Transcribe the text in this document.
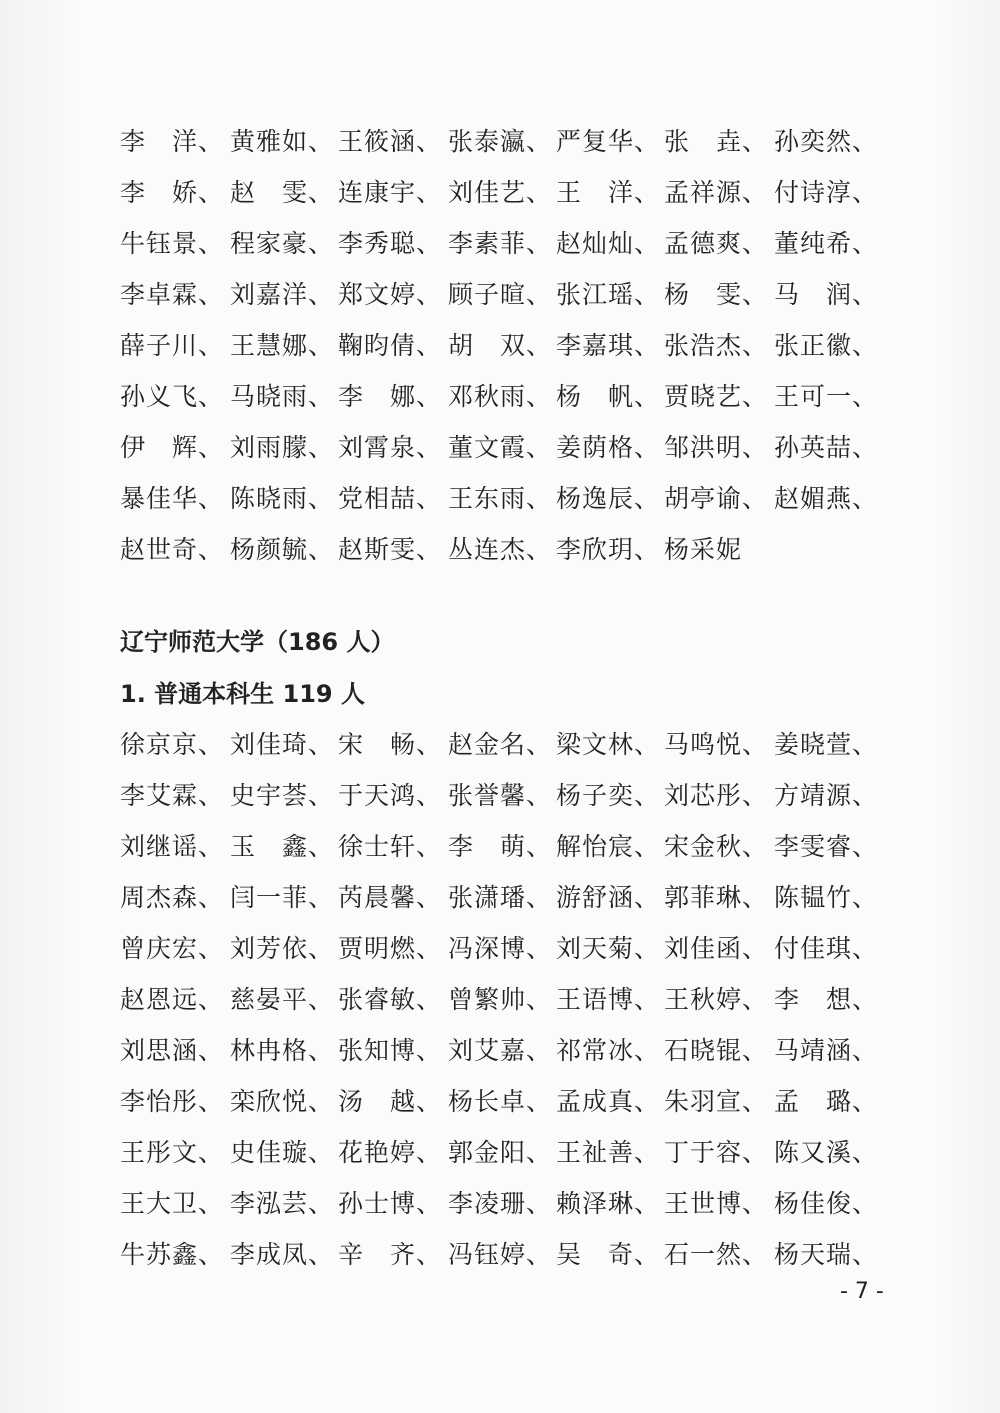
李　洋、 黄雅如、 王筱涵、 张泰瀛、 严复华、 张　垚、 孙奕然、
李　娇、 赵　雯、 连康宇、 刘佳艺、 王　洋、 孟祥源、 付诗淳、
牛钰景、 程家豪、 李秀聪、 李素菲、 赵灿灿、 孟德爽、 董纯希、
李卓霖、 刘嘉洋、 郑文婷、 顾子暄、 张江瑶、 杨　雯、 马　润、
薛子川、 王慧娜、 鞠昀倩、 胡　双、 李嘉琪、 张浩杰、 张正徽、
孙义飞、 马晓雨、 李　娜、 邓秋雨、 杨　帆、 贾晓艺、 王可一、
伊　辉、 刘雨朦、 刘霄泉、 董文霞、 姜荫格、 邹洪明、 孙英喆、
暴佳华、 陈晓雨、 党相喆、 王东雨、 杨逸辰、 胡亭谕、 赵媚燕、
赵世奇、 杨颜毓、 赵斯雯、 丛连杰、 李欣玥、 杨采妮
辽宁师范大学（186 人）
1. 普通本科生 119 人
徐京京、 刘佳琦、 宋　畅、 赵金名、 梁文林、 马鸣悦、 姜晓萱、
李艾霖、 史宇荟、 于天鸿、 张誉馨、 杨子奕、 刘芯彤、 方靖源、
刘继谣、 玉　鑫、 徐士轩、 李　萌、 解怡宸、 宋金秋、 李雯睿、
周杰森、 闫一菲、 芮晨馨、 张潇璠、 游舒涵、 郭菲琳、 陈韫竹、
曾庆宏、 刘芳依、 贾明燃、 冯深博、 刘天菊、 刘佳函、 付佳琪、
赵恩远、 慈晏平、 张睿敏、 曾繁帅、 王语博、 王秋婷、 李　想、
刘思涵、 林冉格、 张知博、 刘艾嘉、 祁常冰、 石晓锟、 马靖涵、
李怡彤、 栾欣悦、 汤　越、 杨长卓、 孟成真、 朱羽宣、 孟　璐、
王彤文、 史佳璇、 花艳婷、 郭金阳、 王祉善、 丁于容、 陈又溪、
王大卫、 李泓芸、 孙士博、 李凌珊、 赖泽琳、 王世博、 杨佳俊、
牛苏鑫、 李成凤、 辛　齐、 冯钰婷、 吴　奇、 石一然、 杨天瑞、
- 7 -
